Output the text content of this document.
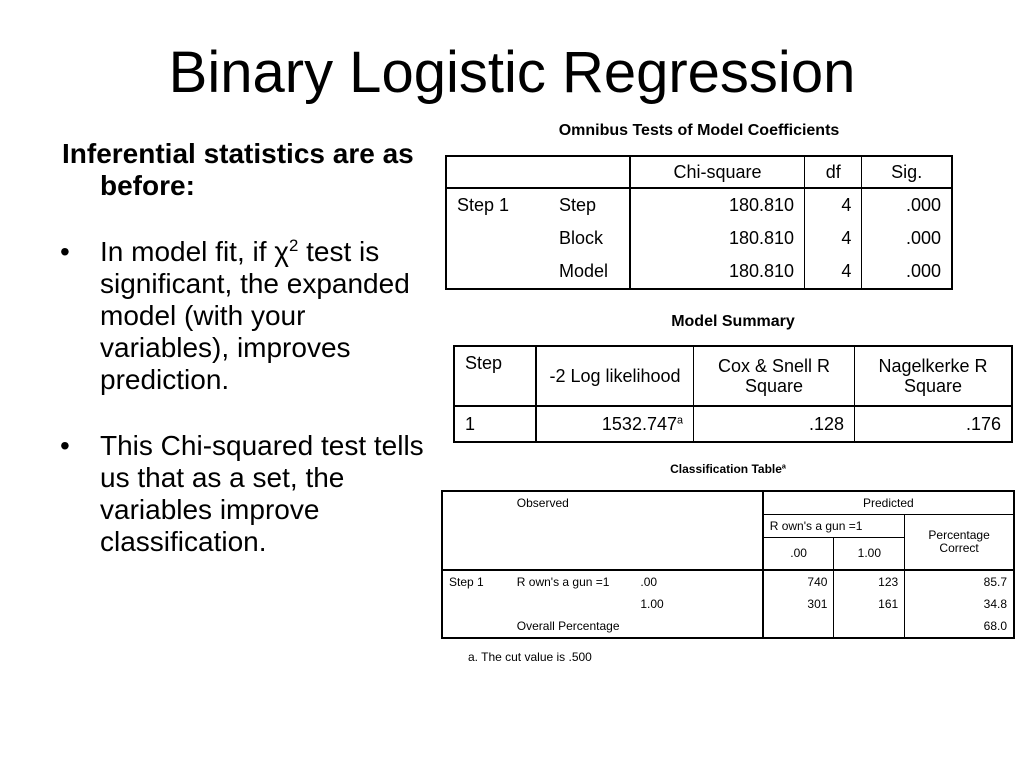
Binary Logistic Regression
Inferential statistics are as before:
• In model fit, if $\chi^2$ test is significant, the expanded model (with your variables), improves prediction.
• This Chi-squared test tells us that as a set, the variables improve classification.
Omnibus Tests of Model Coefficients
		Chi-square	df	Sig.
Step 1	Step	180.810	4	.000
	Block	180.810	4	.000
	Model	180.810	4	.000
Model Summary
Step	-2 Log likelihood	Cox & Snell R Square	Nagelkerke R Square
1	1532.747$^a$	.128	.176
Classification Table$^a$
	Observed		Predicted		
			R own's a gun =1		Percentage Correct
			.00	1.00	
Step 1	R own's a gun =1	.00	740	123	85.7
		1.00	301	161	34.8
	Overall Percentage				68.0
a. The cut value is .500
